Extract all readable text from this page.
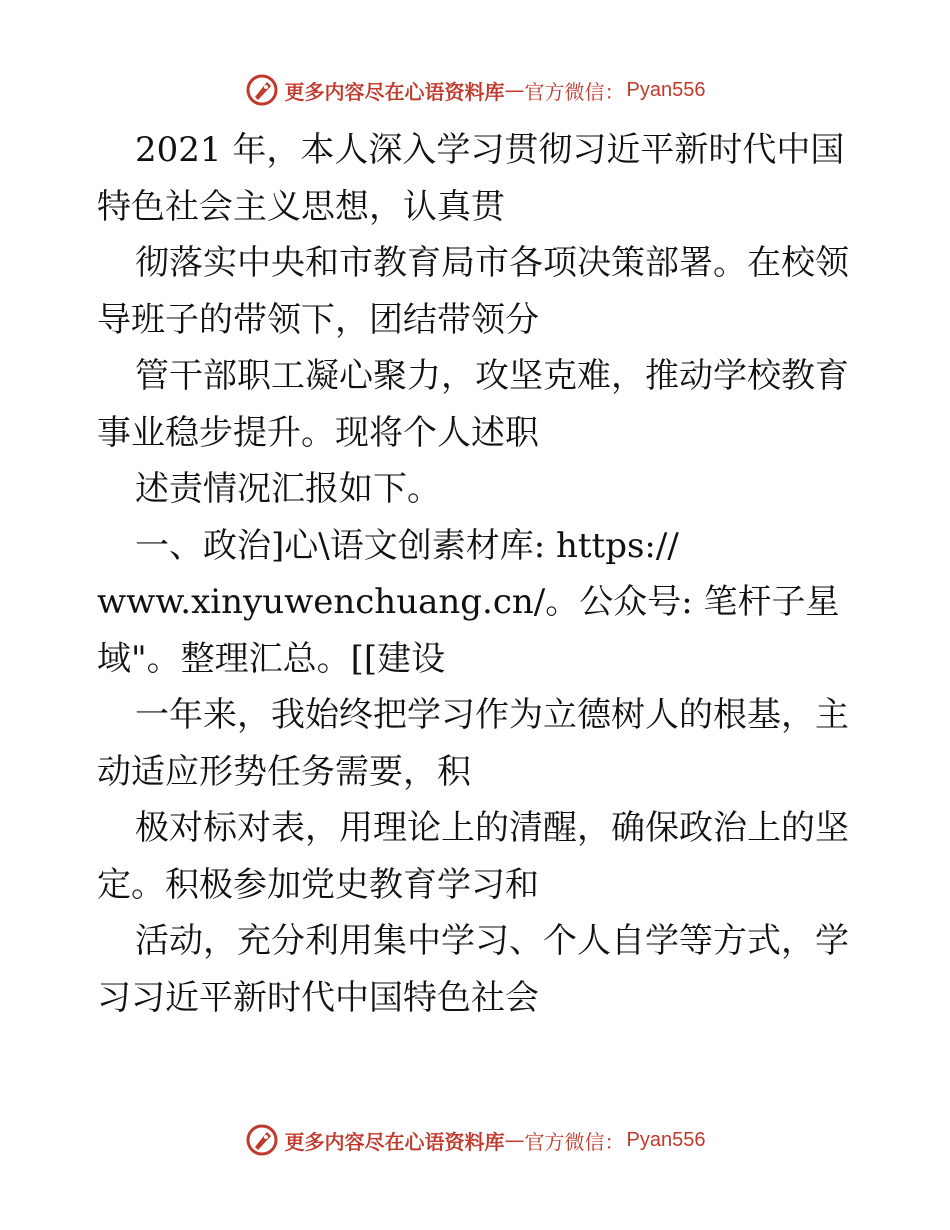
更多内容尽在心语资料库 — 官方微信： Pyan556
2021 年，本人深入学习贯彻习近平新时代中国
特色社会主义思想，认真贯
彻落实中央和市教育局市各项决策部署。在校领
导班子的带领下，团结带领分
管干部职工凝心聚力，攻坚克难，推动学校教育
事业稳步提升。现将个人述职
述责情况汇报如下。
一、政治]心\语文创素材库: https://
www.xinyuwenchuang.cn/。公众号: 笔杆子星
域"。整理汇总。[[建设
一年来，我始终把学习作为立德树人的根基，主
动适应形势任务需要，积
极对标对表，用理论上的清醒，确保政治上的坚
定。积极参加党史教育学习和
活动，充分利用集中学习、个人自学等方式，学
习习近平新时代中国特色社会
更多内容尽在心语资料库 — 官方微信： Pyan556
